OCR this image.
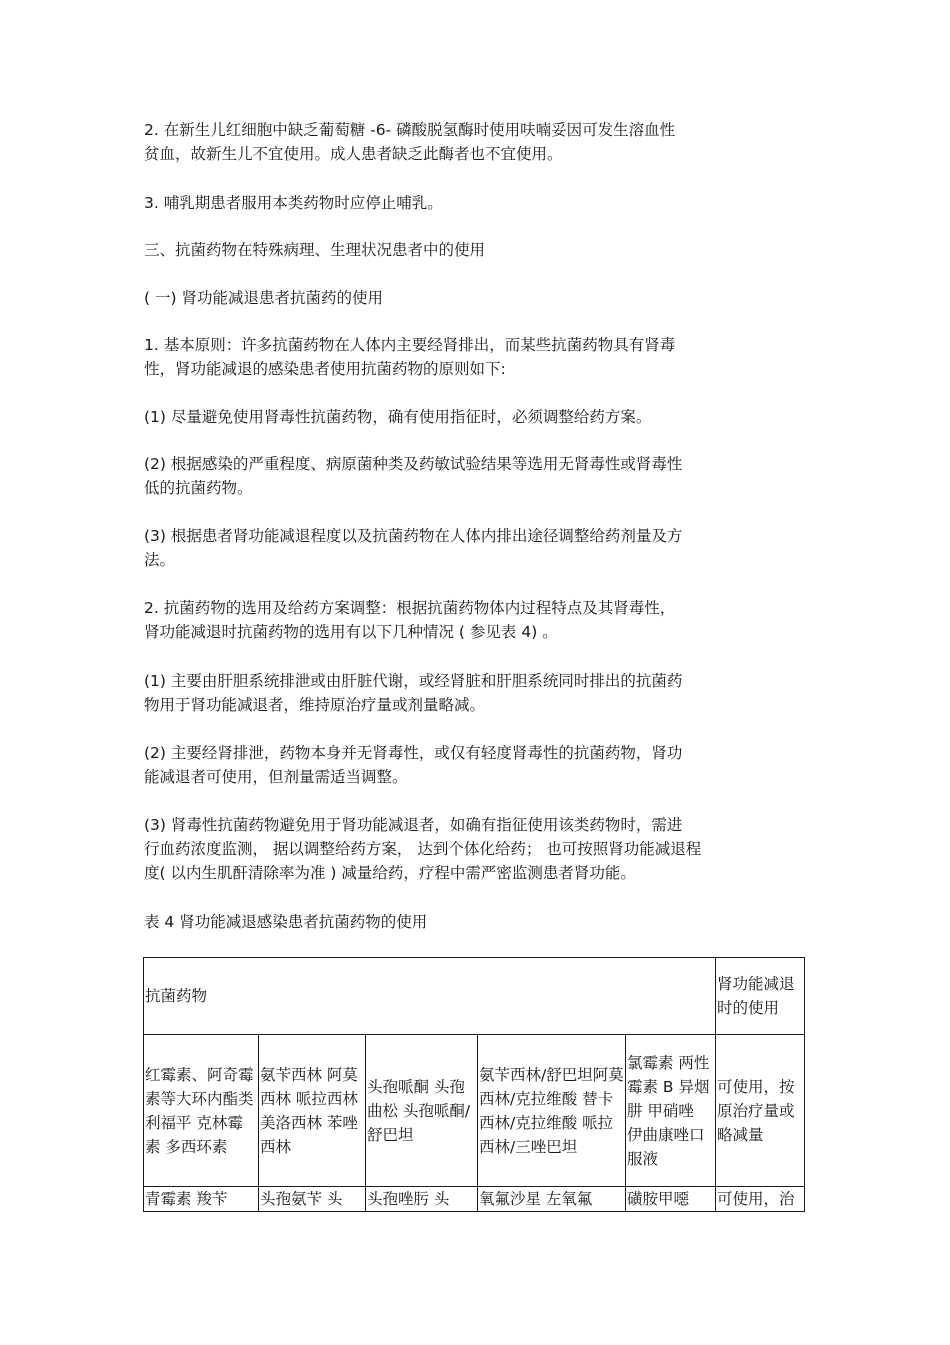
2. 在新生儿红细胞中缺乏葡萄糖 -6- 磷酸脱氢酶时使用呋喃妥因可发生溶血性
贫血，故新生儿不宜使用。成人患者缺乏此酶者也不宜使用。

3. 哺乳期患者服用本类药物时应停止哺乳。

三、抗菌药物在特殊病理、生理状况患者中的使用

( 一) 肾功能减退患者抗菌药的使用

1. 基本原则：许多抗菌药物在人体内主要经肾排出，而某些抗菌药物具有肾毒
性，肾功能减退的感染患者使用抗菌药物的原则如下:

(1) 尽量避免使用肾毒性抗菌药物，确有使用指征时，必须调整给药方案。

(2) 根据感染的严重程度、病原菌种类及药敏试验结果等选用无肾毒性或肾毒性
低的抗菌药物。

(3) 根据患者肾功能减退程度以及抗菌药物在人体内排出途径调整给药剂量及方
法。

2. 抗菌药物的选用及给药方案调整：根据抗菌药物体内过程特点及其肾毒性，
肾功能减退时抗菌药物的选用有以下几种情况 ( 参见表 4) 。

(1) 主要由肝胆系统排泄或由肝脏代谢，或经肾脏和肝胆系统同时排出的抗菌药
物用于肾功能减退者，维持原治疗量或剂量略减。

(2) 主要经肾排泄，药物本身并无肾毒性，或仅有轻度肾毒性的抗菌药物，肾功
能减退者可使用，但剂量需适当调整。

(3) 肾毒性抗菌药物避免用于肾功能减退者，如确有指征使用该类药物时，需进
行血药浓度监测， 据以调整给药方案， 达到个体化给药； 也可按照肾功能减退程
度( 以内生肌酐清除率为准 ) 减量给药，疗程中需严密监测患者肾功能。

表 4 肾功能减退感染患者抗菌药物的使用

抗菌药物					肾功能减退时的使用
红霉素、阿奇霉素等大环内酯类 利福平 克林霉素 多西环素	氨苄西林 阿莫西林 哌拉西林 美洛西林 苯唑西林	头孢哌酮 头孢曲松 头孢哌酮/舒巴坦	氨苄西林/舒巴坦阿莫西林/克拉维酸 替卡西林/克拉维酸 哌拉西林/三唑巴坦	氯霉素 两性霉素 B 异烟肼 甲硝唑 伊曲康唑口 服液	可使用，按原治疗量或略减量
青霉素 羧苄	头孢氨苄 头	头孢唑肟 头	氧氟沙星 左氧氟	磺胺甲噁	可使用，治
